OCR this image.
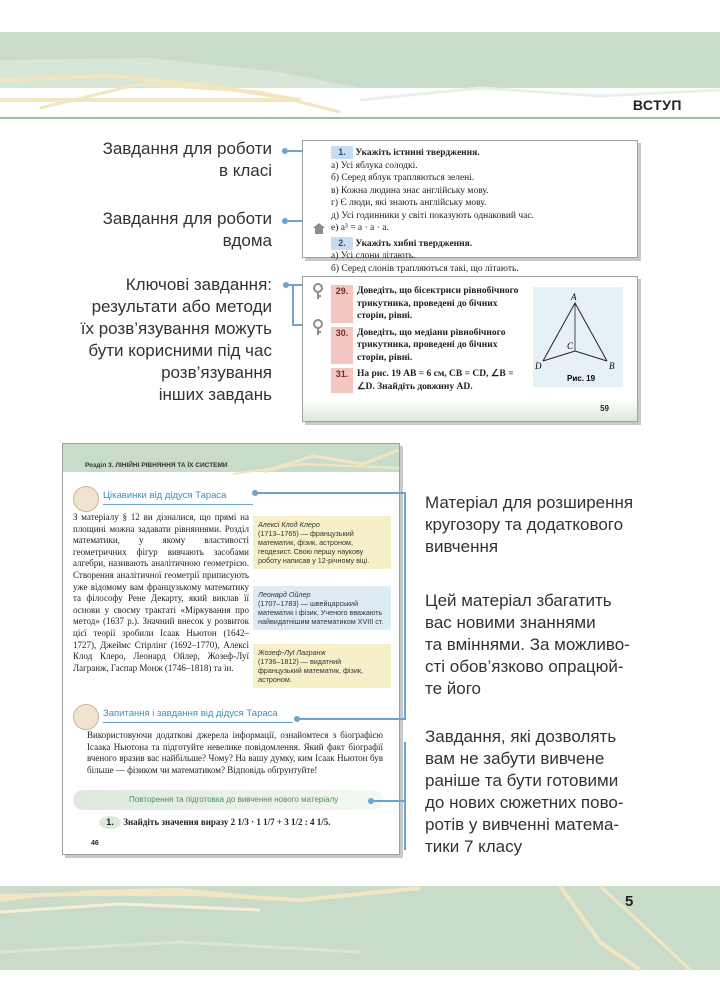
ВСТУП
Завдання для роботи
в класі
Завдання для роботи
вдома
Ключові завдання:
результати або методи
їх розв’язування можуть
бути корисними під час
розв’язування
інших завдань
1. Укажіть істинні твердження.
а) Усі яблука солодкі.
б) Серед яблук трапляються зелені.
в) Кожна людина знає англійську мову.
г) Є люди, які знають англійську мову.
д) Усі годинники у світі показують однаковий час.
е) a³ = a · a · a.
2. Укажіть хибні твердження.
а) Усі слони літають.
б) Серед слонів трапляються такі, що літають.
29. Доведіть, що бісектриси рівнобічного трикутника, проведені до бічних сторін, рівні.
30. Доведіть, що медіани рівнобічного трикутника, проведені до бічних сторін, рівні.
31. На рис. 19 AB = 6 см, CB = CD, ∠B = ∠D. Знайдіть довжину AD.
A
D	B
C
Рис. 19
59
Розділ 3. ЛІНІЙНІ РІВНЯННЯ ТА ЇХ СИСТЕМИ
Цікавинки від дідуся Тараса
З матеріалу § 12 ви дізналися, що прямі на площині можна задавати рівняннями. Розділ математики, у якому властивості геометричних фігур вивчають засобами алгебри, називають аналітичною геометрією. Створення аналітичної геометрії приписують уже відомому вам французькому математику та філософу Рене Декарту, який виклав її основи у своєму трактаті «Міркування про метод» (1637 р.). Значний внесок у розвиток цієї теорії зробили Ісаак Ньютон (1642–1727), Джеймс Стірлінг (1692–1770), Алексі Клод Клеро, Леонард Ойлер, Жозеф-Луї Лагранж, Гаспар Монж (1746–1818) та ін.
Алексі Клод Клеро
(1713–1765) — французький математик, фізик, астроном, геодезист. Свою першу наукову роботу написав у 12-річному віці.
Леонард Ойлер
(1707–1783) — швейцарський математик і фізик. Ученого вважають найвидатнішим математиком XVIII ст.
Жозеф-Луї Лагранж
(1736–1812) — видатний французький математик, фізик, астроном.
Запитання і завдання від дідуся Тараса
Використовуючи додаткові джерела інформації, ознайомтеся з біографією Ісаака Ньютона та підготуйте невелике повідомлення. Який факт біографії вченого вразив вас найбільше? Чому? На вашу думку, ким Ісаак Ньютон був більше — фізиком чи математиком? Відповідь обґрунтуйте!
Повторення та підготовка до вивчення нового матеріалу
1. Знайдіть значення виразу 2 1/3 · 1 1/7 + 3 1/2 : 4 1/5.
46
Матеріал для розширення
кругозору та додаткового
вивчення
Цей матеріал збагатить
вас новими знаннями
та вміннями. За можливо-
сті обов’язково опрацюй-
те його
Завдання, які дозволять
вам не забути вивчене
раніше та бути готовими
до нових сюжетних пово-
ротів у вивченні матема-
тики 7 класу
5
